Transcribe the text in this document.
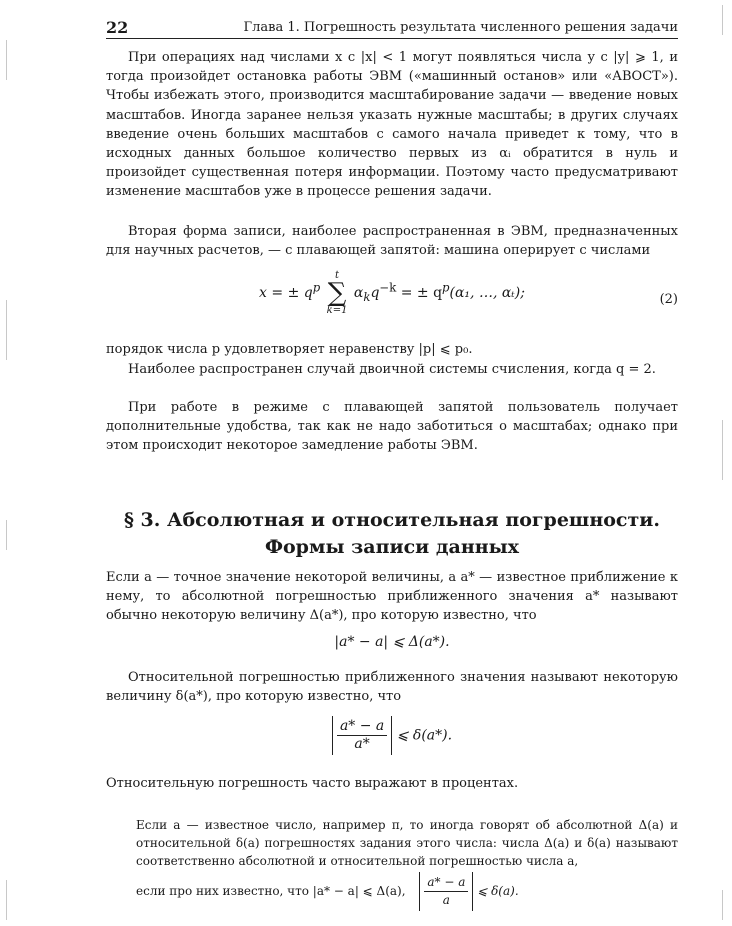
22	Глава 1. Погрешность результата численного решения задачи
При операциях над числами x с |x| < 1 могут появляться числа y с |y| ⩾ 1, и тогда произойдет остановка работы ЭВМ («машинный останов» или «АВОСТ»). Чтобы избежать этого, производится масштабирование задачи — введение новых масштабов. Иногда заранее нельзя указать нужные масштабы; в других случаях введение очень больших масштабов с самого начала приведет к тому, что в исходных данных большое количество первых из αᵢ обратится в нуль и произойдет существенная потеря информации. Поэтому часто предусматривают изменение масштабов уже в процессе решения задачи.
Вторая форма записи, наиболее распространенная в ЭВМ, предназначенных для научных расчетов, — с плавающей запятой: машина оперирует с числами
x = ± $q^p$
t
∑
k=1
$\alpha_kq^{-k}$ = ± $q^p(\alpha_1$, …, αₜ);	(2)
порядок числа p удовлетворяет неравенству |p| ⩽ p₀.
Наиболее распространен случай двоичной системы счисления, когда q = 2.
При работе в режиме с плавающей запятой пользователь получает дополнительные удобства, так как не надо заботиться о масштабах; однако при этом происходит некоторое замедление работы ЭВМ.
§ 3. Абсолютная и относительная погрешности.
Формы записи данных
Если a — точное значение некоторой величины, а a* — известное приближение к нему, то абсолютной погрешностью приближенного значения a* называют обычно некоторую величину Δ(a*), про которую известно, что
|a* − a| ⩽ Δ(a*).
Относительной погрешностью приближенного значения называют некоторую величину δ(a*), про которую известно, что
$\frac{a* - a}{a*}$ ⩽ δ(a*).
Относительную погрешность часто выражают в процентах.
Если a — известное число, например π, то иногда говорят об абсолютной Δ(a) и относительной δ(a) погрешностях задания этого числа: числа Δ(a) и δ(a) называют соответственно абсолютной и относительной погрешностью числа a,
если про них известно, что |a* − a| ⩽ Δ(a), $\frac{a* - a}{a}$ ⩽ δ(a).
